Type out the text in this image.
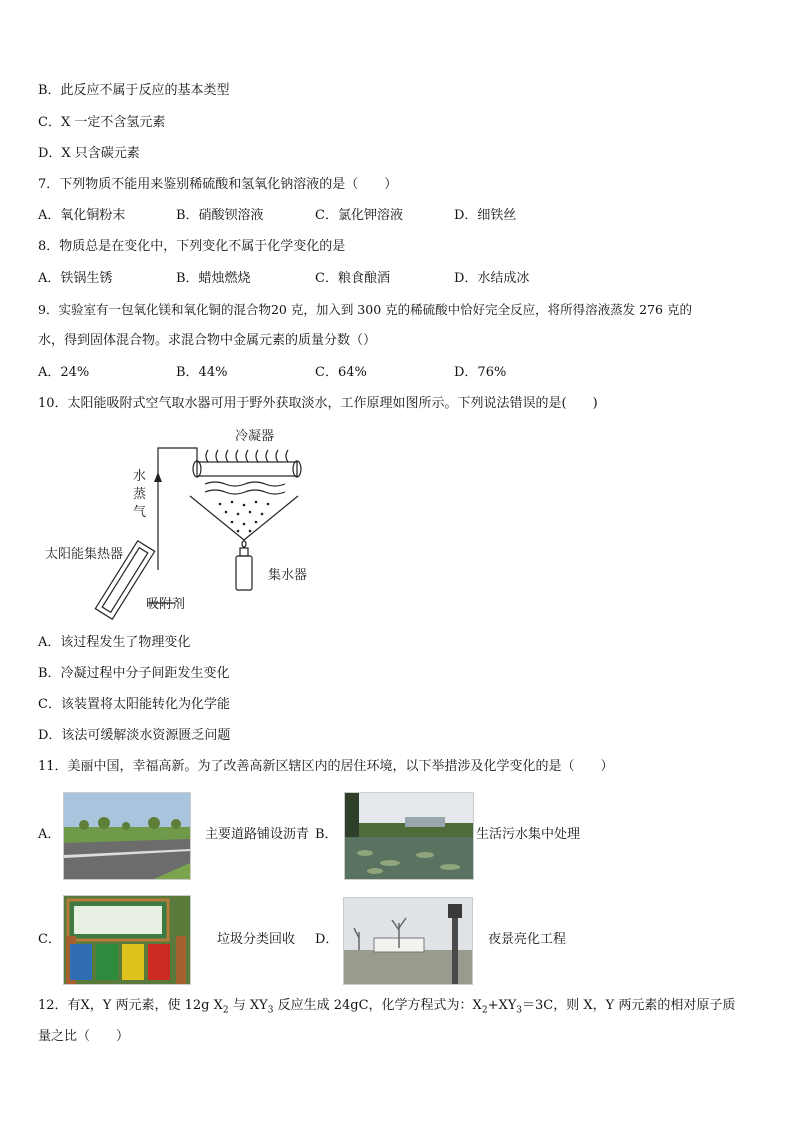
B．此反应不属于反应的基本类型
C．X 一定不含氢元素
D．X 只含碳元素
7．下列物质不能用来鉴别稀硫酸和氢氧化钠溶液的是（　　）
A．氧化铜粉末	B．硝酸钡溶液	C．氯化钾溶液	D．细铁丝
8．物质总是在变化中，下列变化不属于化学变化的是
A．铁锅生锈	B．蜡烛燃烧	C．粮食酿酒	D．水结成冰
9．实验室有一包氧化镁和氧化铜的混合物20 克，加入到 300 克的稀硫酸中恰好完全反应，将所得溶液蒸发 276 克的
水，得到固体混合物。求混合物中金属元素的质量分数（）
A．24%	B．44%	C．64%	D．76%
10．太阳能吸附式空气取水器可用于野外获取淡水，工作原理如图所示。下列说法错误的是(　　)
冷凝器
水
蒸
气
太阳能集热器
吸附剂
集水器
A．该过程发生了物理变化
B．冷凝过程中分子间距发生变化
C．该装置将太阳能转化为化学能
D．该法可缓解淡水资源匮乏问题
11．美丽中国，幸福高新。为了改善高新区辖区内的居住环境，以下举措涉及化学变化的是（　　）
A．	主要道路铺设沥青 B．	生活污水集中处理
C．	垃圾分类回收 D．	夜景亮化工程
12．有X，Y 两元素，使 12g $X_2$ 与 $XY_3$ 反应生成 24gC，化学方程式为：$X_2+XY_3=3C$，则 X，Y 两元素的相对原子质
量之比（　　）
